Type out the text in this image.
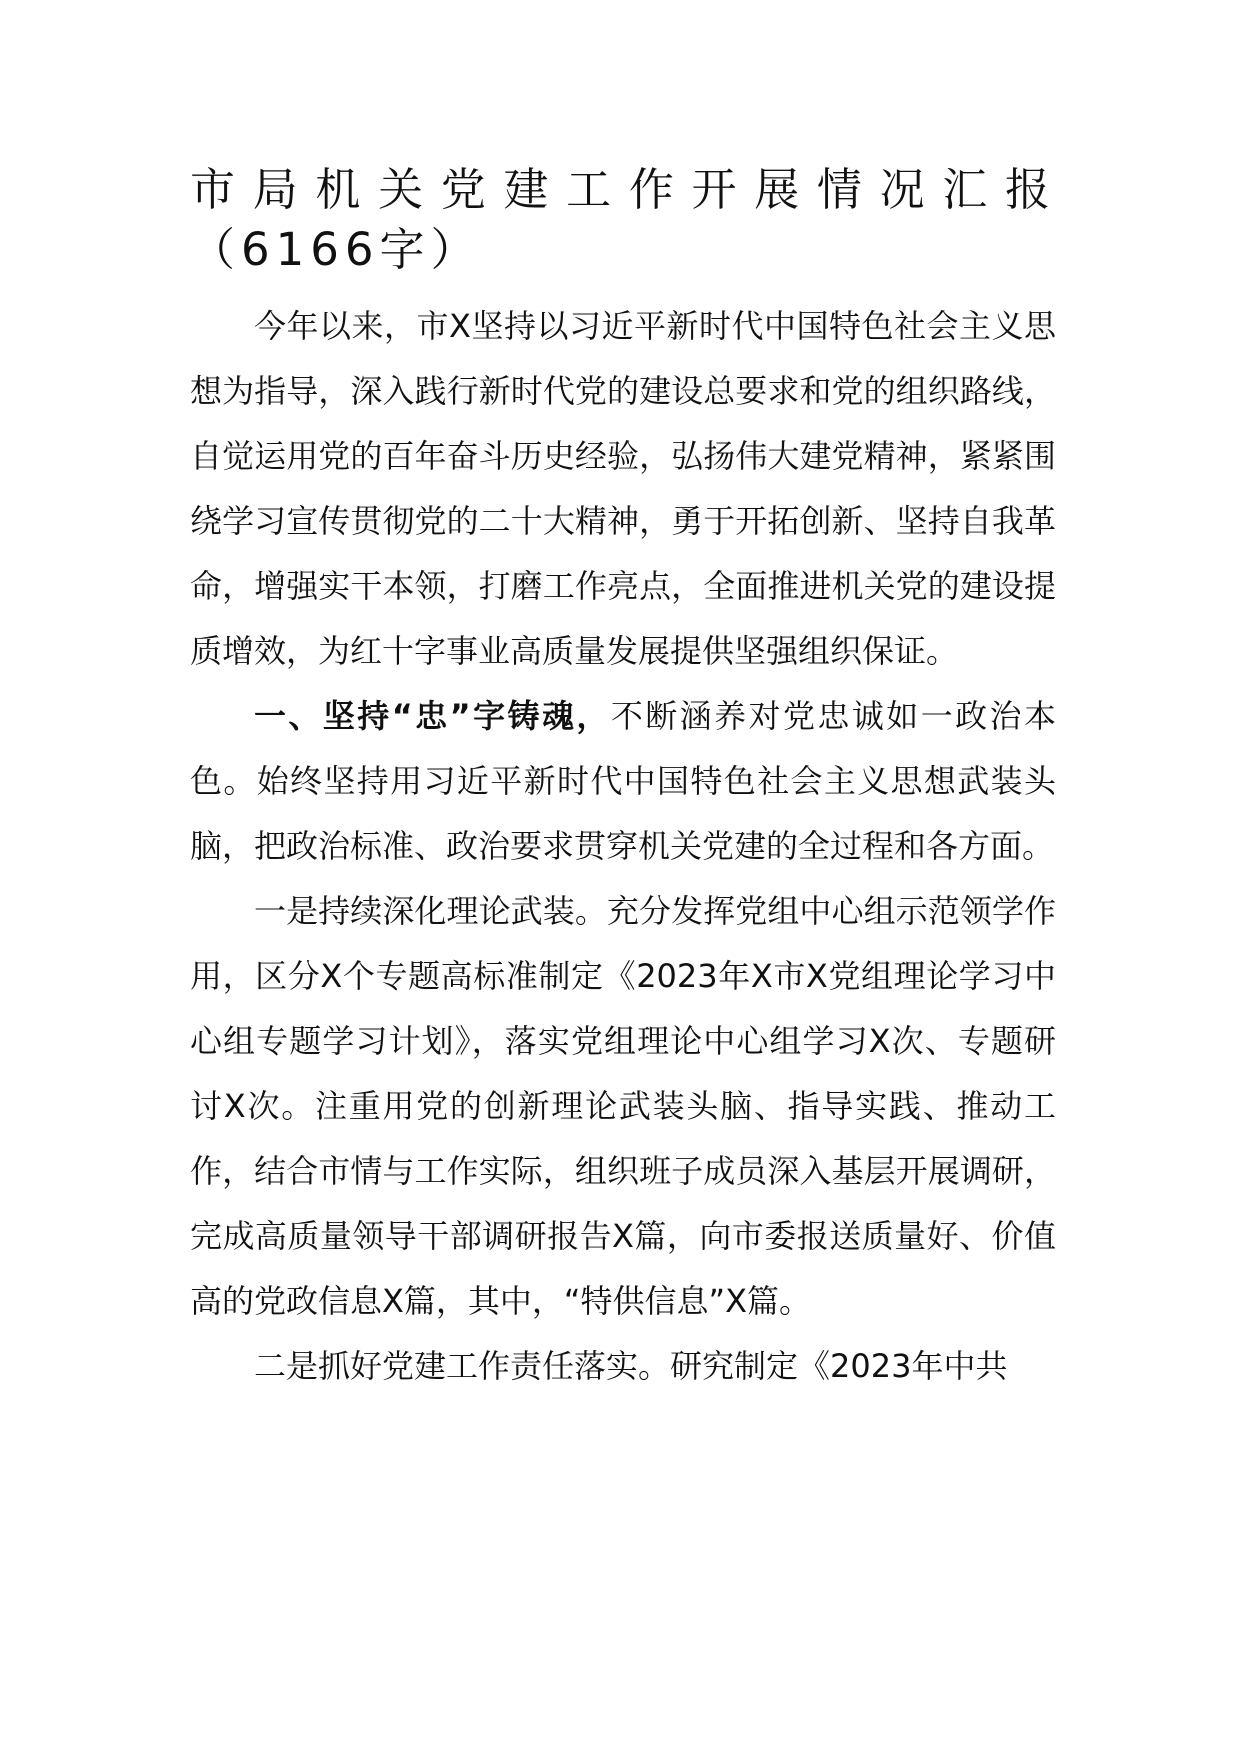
市局机关党建工作开展情况汇报（6166字）

今年以来，市X坚持以习近平新时代中国特色社会主义思想为指导，深入践行新时代党的建设总要求和党的组织路线，自觉运用党的百年奋斗历史经验，弘扬伟大建党精神，紧紧围绕学习宣传贯彻党的二十大精神，勇于开拓创新、坚持自我革命，增强实干本领，打磨工作亮点，全面推进机关党的建设提质增效，为红十字事业高质量发展提供坚强组织保证。

一、坚持“忠”字铸魂，不断涵养对党忠诚如一政治本色。始终坚持用习近平新时代中国特色社会主义思想武装头脑，把政治标准、政治要求贯穿机关党建的全过程和各方面。

一是持续深化理论武装。充分发挥党组中心组示范领学作用，区分X个专题高标准制定《2023年X市X党组理论学习中心组专题学习计划》，落实党组理论中心组学习X次、专题研讨X次。注重用党的创新理论武装头脑、指导实践、推动工作，结合市情与工作实际，组织班子成员深入基层开展调研，完成高质量领导干部调研报告X篇，向市委报送质量好、价值高的党政信息X篇，其中，“特供信息”X篇。

二是抓好党建工作责任落实。研究制定《2023年中共
